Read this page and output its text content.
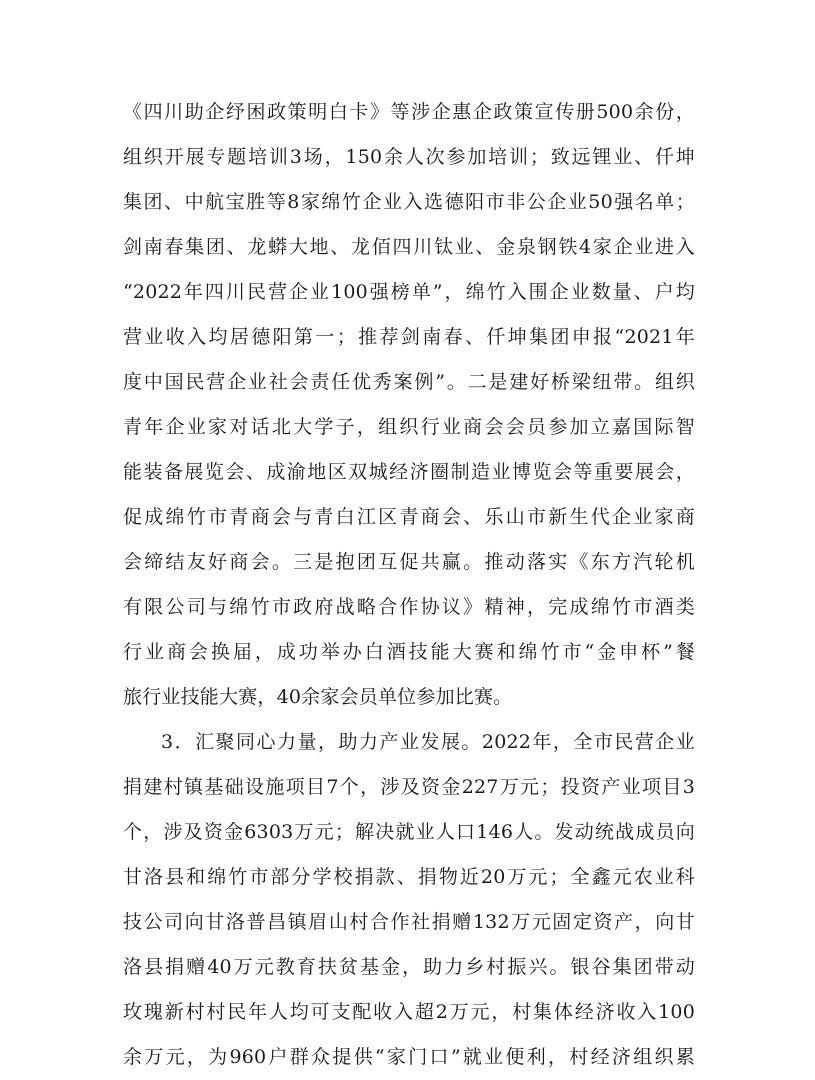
《四川助企纾困政策明白卡》等涉企惠企政策宣传册500余份，
组织开展专题培训3场，150余人次参加培训；致远锂业、仟坤
集团、中航宝胜等8家绵竹企业入选德阳市非公企业50强名单；
剑南春集团、龙蟒大地、龙佰四川钛业、金泉钢铁4家企业进入
“2022年四川民营企业100强榜单”，绵竹入围企业数量、户均
营业收入均居德阳第一；推荐剑南春、仟坤集团申报“2021年
度中国民营企业社会责任优秀案例”。二是建好桥梁纽带。组织
青年企业家对话北大学子，组织行业商会会员参加立嘉国际智
能装备展览会、成渝地区双城经济圈制造业博览会等重要展会，
促成绵竹市青商会与青白江区青商会、乐山市新生代企业家商
会缔结友好商会。三是抱团互促共赢。推动落实《东方汽轮机
有限公司与绵竹市政府战略合作协议》精神，完成绵竹市酒类
行业商会换届，成功举办白酒技能大赛和绵竹市“金申杯”餐
旅行业技能大赛，40余家会员单位参加比赛。
3．汇聚同心力量，助力产业发展。2022年，全市民营企业
捐建村镇基础设施项目7个，涉及资金227万元；投资产业项目3
个，涉及资金6303万元；解决就业人口146人。发动统战成员向
甘洛县和绵竹市部分学校捐款、捐物近20万元；全鑫元农业科
技公司向甘洛普昌镇眉山村合作社捐赠132万元固定资产，向甘
洛县捐赠40万元教育扶贫基金，助力乡村振兴。银谷集团带动
玫瑰新村村民年人均可支配收入超2万元，村集体经济收入100
余万元，为960户群众提供“家门口”就业便利，村经济组织累
